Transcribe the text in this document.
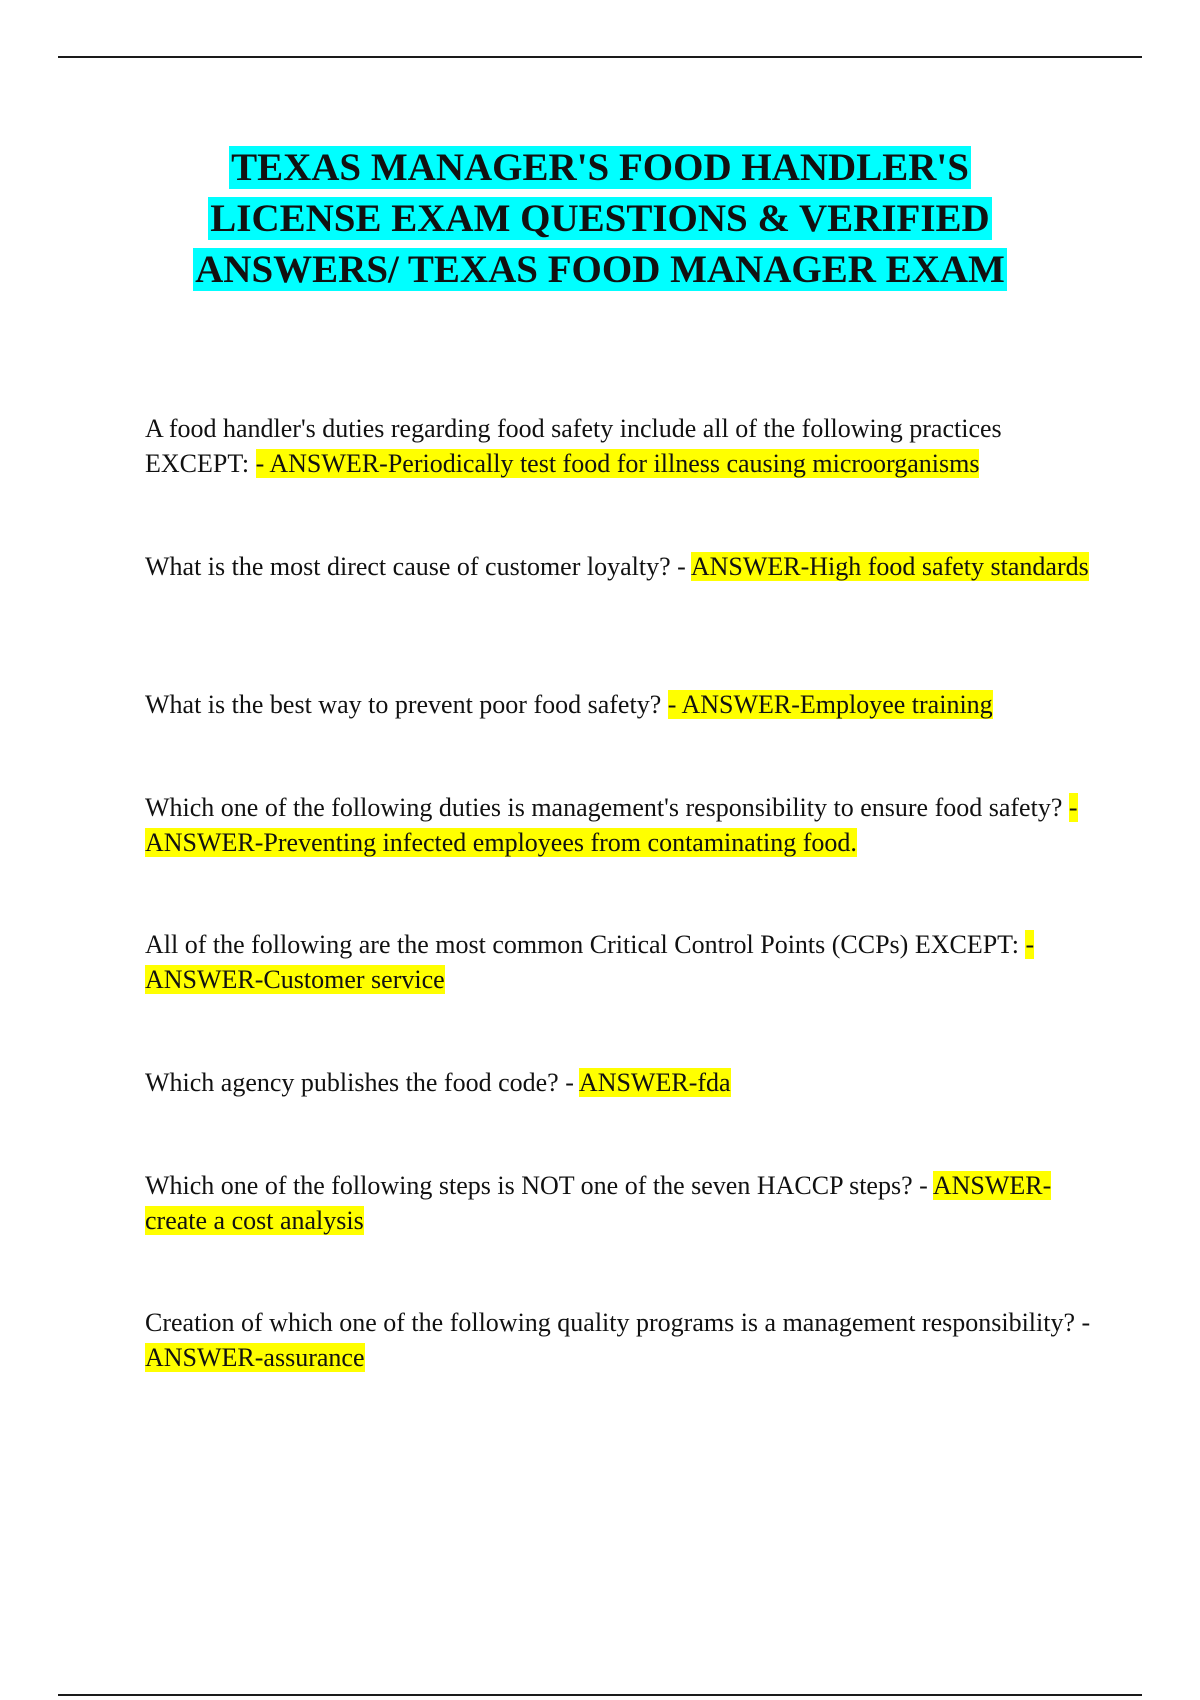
TEXAS MANAGER'S FOOD HANDLER'S
LICENSE EXAM QUESTIONS & VERIFIED
ANSWERS/ TEXAS FOOD MANAGER EXAM
A food handler's duties regarding food safety include all of the following practices EXCEPT: - ANSWER-Periodically test food for illness causing microorganisms
What is the most direct cause of customer loyalty? - ANSWER-High food safety standards
What is the best way to prevent poor food safety? - ANSWER-Employee training
Which one of the following duties is management's responsibility to ensure food safety? - ANSWER-Preventing infected employees from contaminating food.
All of the following are the most common Critical Control Points (CCPs) EXCEPT: - ANSWER-Customer service
Which agency publishes the food code? - ANSWER-fda
Which one of the following steps is NOT one of the seven HACCP steps? - ANSWER-create a cost analysis
Creation of which one of the following quality programs is a management responsibility? - ANSWER-assurance
